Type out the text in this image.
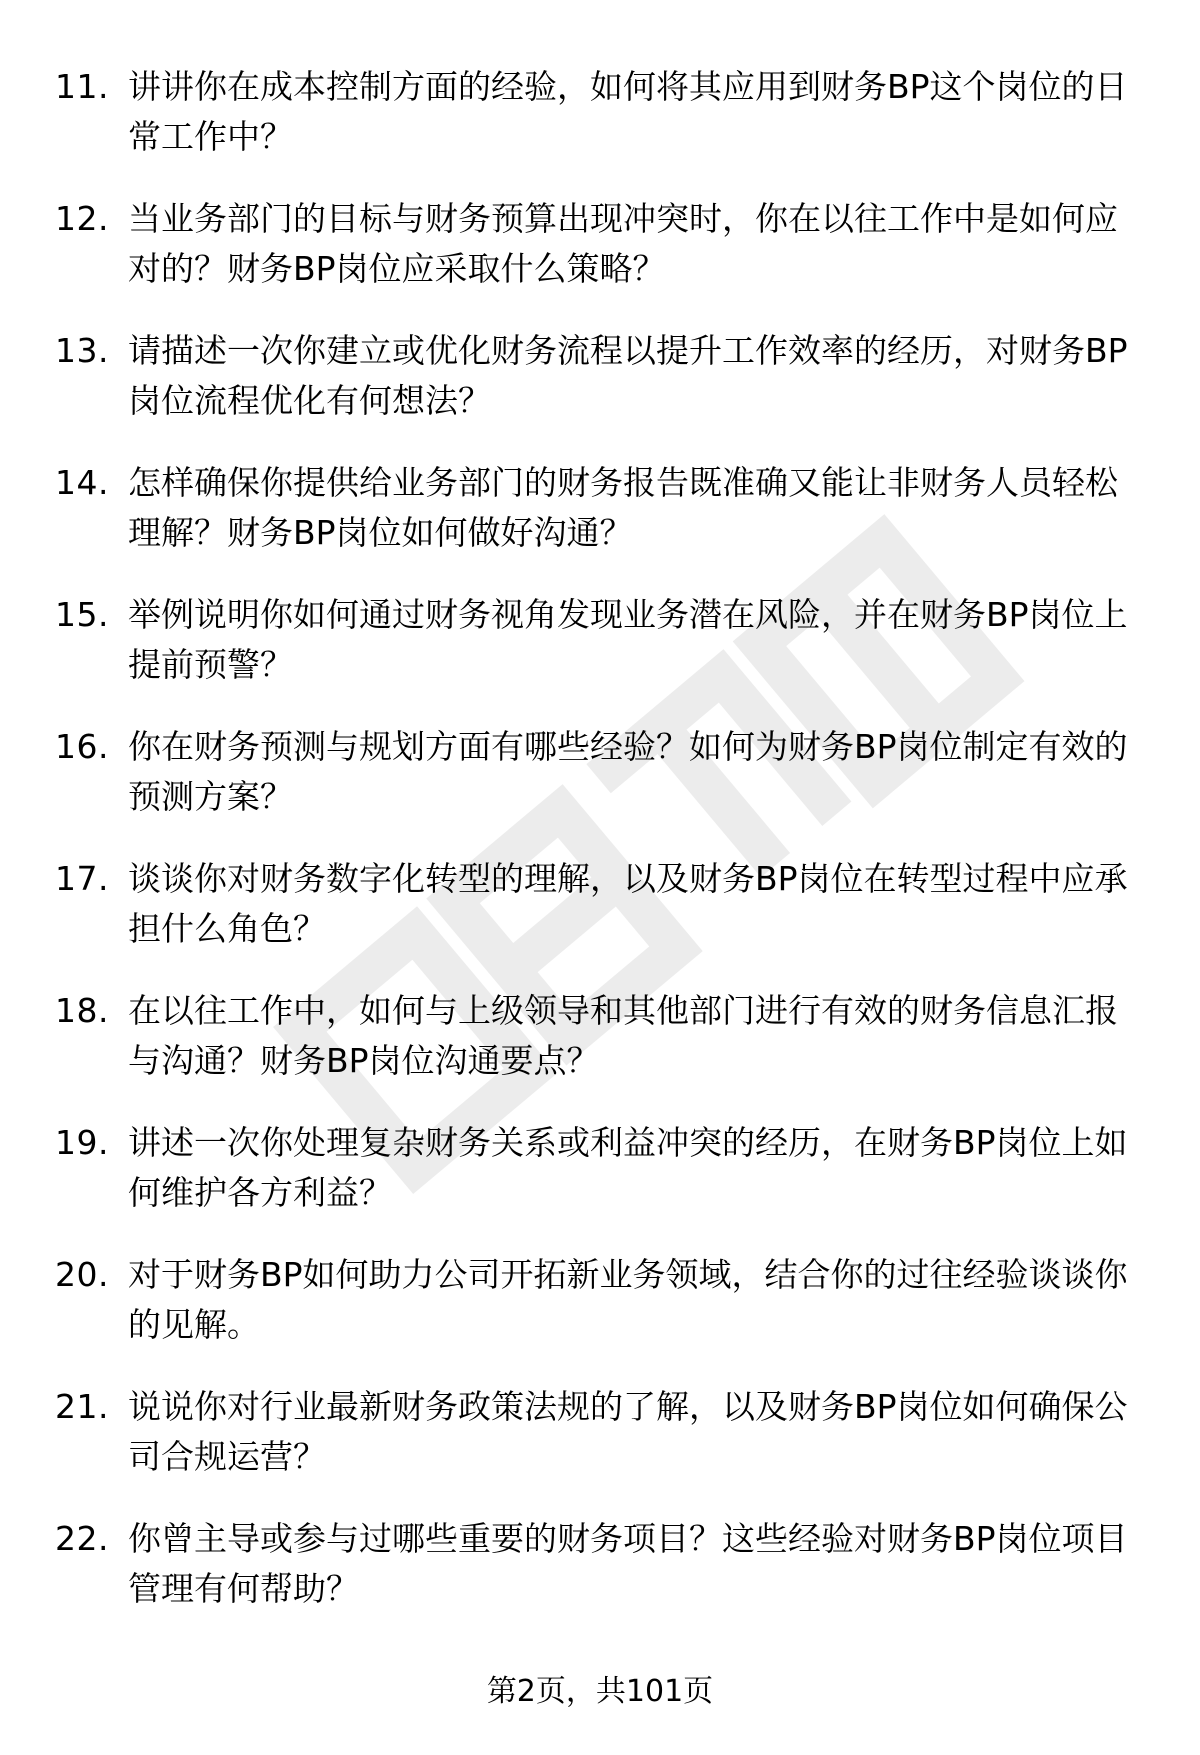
11. 讲讲你在成本控制方面的经验，如何将其应用到财务BP这个岗位的日常工作中？
12. 当业务部门的目标与财务预算出现冲突时，你在以往工作中是如何应对的？财务BP岗位应采取什么策略？
13. 请描述一次你建立或优化财务流程以提升工作效率的经历，对财务BP岗位流程优化有何想法？
14. 怎样确保你提供给业务部门的财务报告既准确又能让非财务人员轻松理解？财务BP岗位如何做好沟通？
15. 举例说明你如何通过财务视角发现业务潜在风险，并在财务BP岗位上提前预警？
16. 你在财务预测与规划方面有哪些经验？如何为财务BP岗位制定有效的预测方案？
17. 谈谈你对财务数字化转型的理解，以及财务BP岗位在转型过程中应承担什么角色？
18. 在以往工作中，如何与上级领导和其他部门进行有效的财务信息汇报与沟通？财务BP岗位沟通要点？
19. 讲述一次你处理复杂财务关系或利益冲突的经历，在财务BP岗位上如何维护各方利益？
20. 对于财务BP如何助力公司开拓新业务领域，结合你的过往经验谈谈你的见解。
21. 说说你对行业最新财务政策法规的了解，以及财务BP岗位如何确保公司合规运营？
22. 你曾主导或参与过哪些重要的财务项目？这些经验对财务BP岗位项目管理有何帮助？
第2页，共101页
